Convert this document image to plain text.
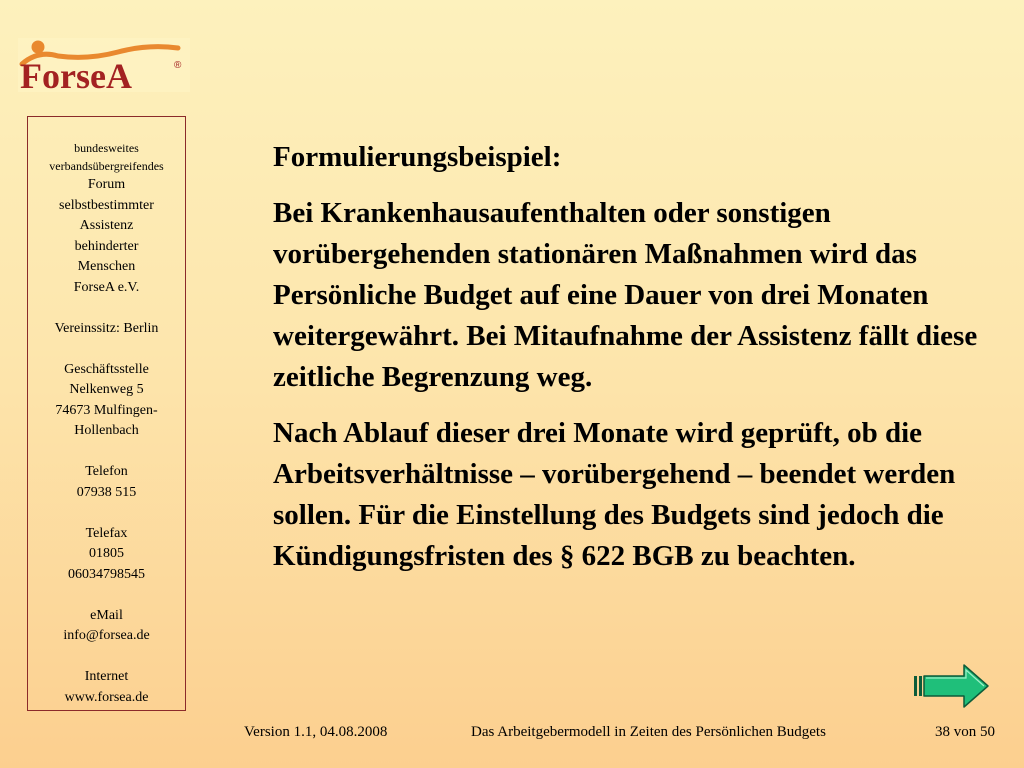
ForseA	®
bundesweites
verbandsübergreifendes
Forum
selbstbestimmter
Assistenz
behinderter
Menschen
ForseA e.V.
Vereinssitz: Berlin
Geschäftsstelle
Nelkenweg 5
74673 Mulfingen-
Hollenbach
Telefon
07938 515
Telefax
01805
06034798545
eMail
info@forsea.de
Internet
www.forsea.de

Formulierungsbeispiel:

Bei Krankenhausaufenthalten oder sonstigen vorübergehenden stationären Maßnahmen wird das Persönliche Budget auf eine Dauer von drei Monaten weitergewährt. Bei Mitaufnahme der Assistenz fällt diese zeitliche Begrenzung weg.

Nach Ablauf dieser drei Monate wird geprüft, ob die Arbeitsverhältnisse – vorübergehend – beendet werden sollen. Für die Einstellung des Budgets sind jedoch die Kündigungsfristen des § 622 BGB zu beachten.

Version 1.1, 04.08.2008	Das Arbeitgebermodell in Zeiten des Persönlichen Budgets	38 von 50
